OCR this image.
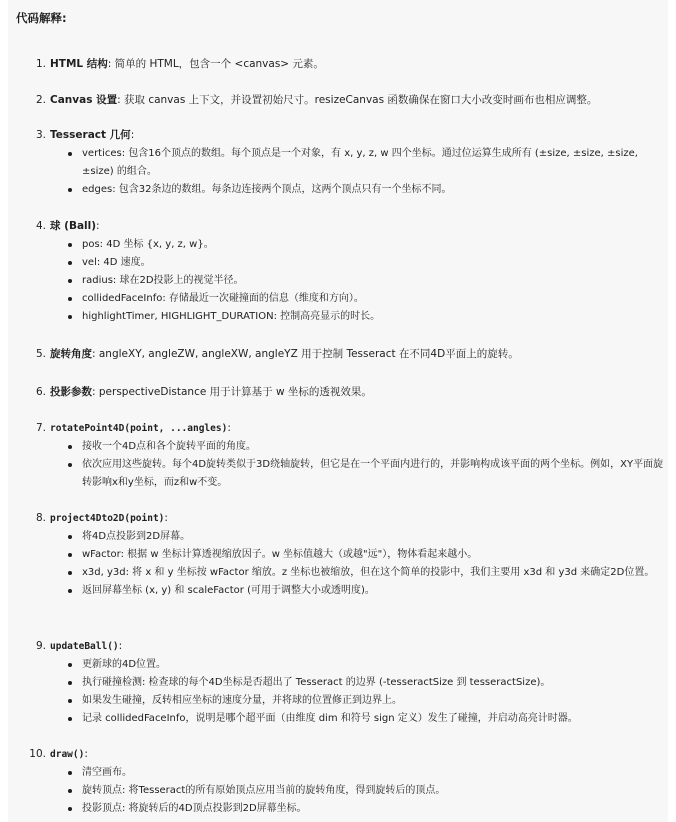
代码解释:
1. HTML 结构: 简单的 HTML，包含一个 <canvas> 元素。
2. Canvas 设置: 获取 canvas 上下文，并设置初始尺寸。resizeCanvas 函数确保在窗口大小改变时画布也相应调整。
3. Tesseract 几何:
vertices: 包含16个顶点的数组。每个顶点是一个对象，有 x, y, z, w 四个坐标。通过位运算生成所有 (±size, ±size, ±size, ±size) 的组合。
edges: 包含32条边的数组。每条边连接两个顶点，这两个顶点只有一个坐标不同。
4. 球 (Ball):
pos: 4D 坐标 {x, y, z, w}。
vel: 4D 速度。
radius: 球在2D投影上的视觉半径。
collidedFaceInfo: 存储最近一次碰撞面的信息（维度和方向）。
highlightTimer, HIGHLIGHT_DURATION: 控制高亮显示的时长。
5. 旋转角度: angleXY, angleZW, angleXW, angleYZ 用于控制 Tesseract 在不同4D平面上的旋转。
6. 投影参数: perspectiveDistance 用于计算基于 w 坐标的透视效果。
7. rotatePoint4D(point, ...angles):
接收一个4D点和各个旋转平面的角度。
依次应用这些旋转。每个4D旋转类似于3D绕轴旋转，但它是在一个平面内进行的，并影响构成该平面的两个坐标。例如，XY平面旋转影响x和y坐标，而z和w不变。
8. project4Dto2D(point):
将4D点投影到2D屏幕。
wFactor: 根据 w 坐标计算透视缩放因子。w 坐标值越大（或越"远"），物体看起来越小。
x3d, y3d: 将 x 和 y 坐标按 wFactor 缩放。z 坐标也被缩放，但在这个简单的投影中，我们主要用 x3d 和 y3d 来确定2D位置。
返回屏幕坐标 (x, y) 和 scaleFactor (可用于调整大小或透明度)。
9. updateBall():
更新球的4D位置。
执行碰撞检测: 检查球的每个4D坐标是否超出了 Tesseract 的边界 (-tesseractSize 到 tesseractSize)。
如果发生碰撞，反转相应坐标的速度分量，并将球的位置修正到边界上。
记录 collidedFaceInfo，说明是哪个超平面（由维度 dim 和符号 sign 定义）发生了碰撞，并启动高亮计时器。
10. draw():
清空画布。
旋转顶点: 将Tesseract的所有原始顶点应用当前的旋转角度，得到旋转后的顶点。
投影顶点: 将旋转后的4D顶点投影到2D屏幕坐标。
